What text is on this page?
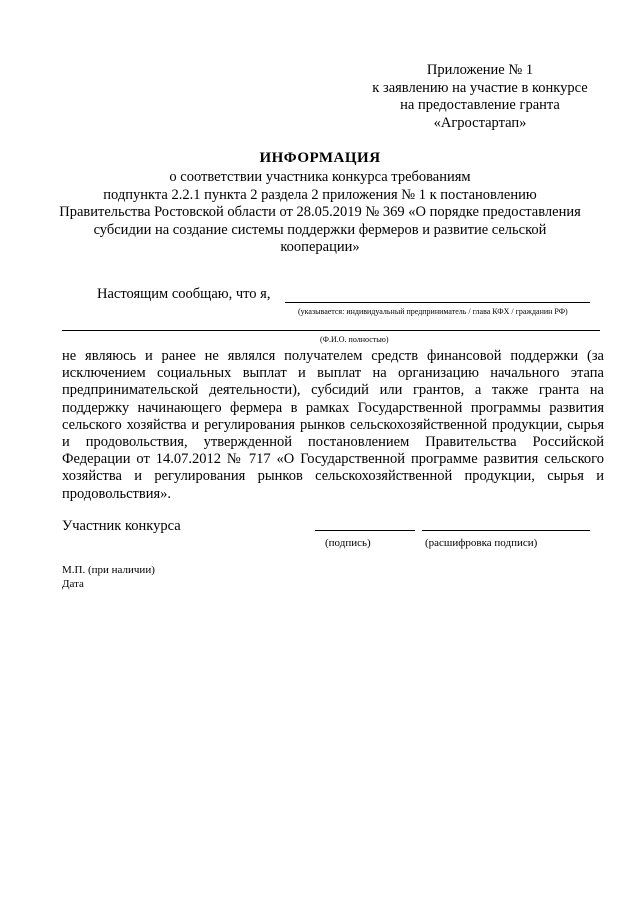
Приложение № 1
к заявлению на участие в конкурсе
на предоставление гранта
«Агростартап»
ИНФОРМАЦИЯ
о соответствии участника конкурса требованиям
подпункта 2.2.1 пункта 2 раздела 2 приложения № 1 к постановлению
Правительства Ростовской области от 28.05.2019 № 369 «О порядке предоставления
субсидии на создание системы поддержки фермеров и развитие сельской
кооперации»
Настоящим сообщаю, что я,
(указывается: индивидуальный предприниматель / глава КФХ / гражданин РФ)
(Ф.И.О. полностью)
не являюсь и ранее не являлся получателем средств финансовой поддержки (за исключением социальных выплат и выплат на организацию начального этапа предпринимательской деятельности), субсидий или грантов, а также гранта на поддержку начинающего фермера в рамках Государственной программы развития сельского хозяйства и регулирования рынков сельскохозяйственной продукции, сырья и продовольствия, утвержденной постановлением Правительства Российской Федерации от 14.07.2012 № 717 «О Государственной программе развития сельского хозяйства и регулирования рынков сельскохозяйственной продукции, сырья и продовольствия».
Участник конкурса
(подпись)	(расшифровка подписи)
М.П. (при наличии)
Дата
